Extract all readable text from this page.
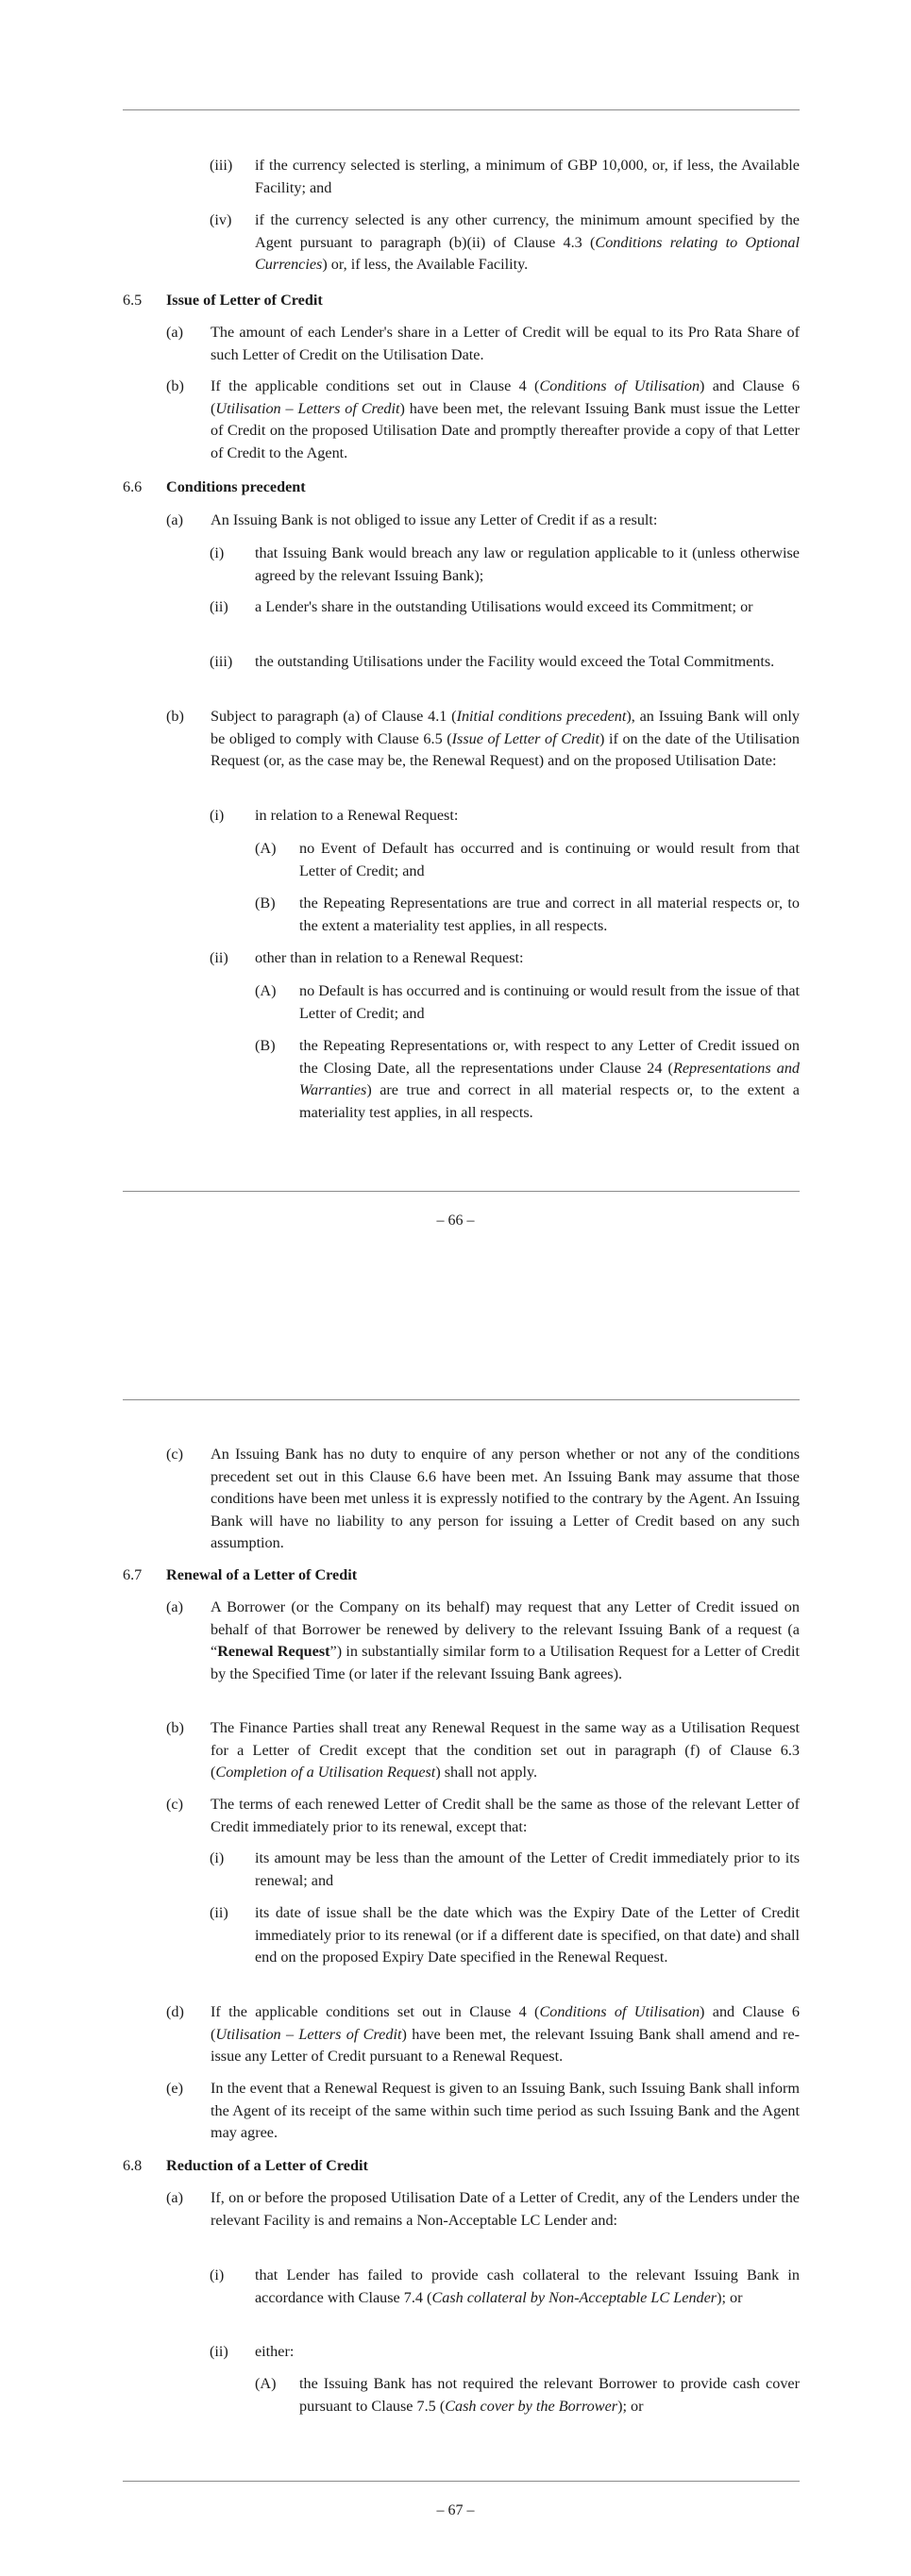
(iii) if the currency selected is sterling, a minimum of GBP 10,000, or, if less, the Available Facility; and

(iv) if the currency selected is any other currency, the minimum amount specified by the Agent pursuant to paragraph (b)(ii) of Clause 4.3 (Conditions relating to Optional Currencies) or, if less, the Available Facility.

6.5 Issue of Letter of Credit

(a) The amount of each Lender's share in a Letter of Credit will be equal to its Pro Rata Share of such Letter of Credit on the Utilisation Date.

(b) If the applicable conditions set out in Clause 4 (Conditions of Utilisation) and Clause 6 (Utilisation – Letters of Credit) have been met, the relevant Issuing Bank must issue the Letter of Credit on the proposed Utilisation Date and promptly thereafter provide a copy of that Letter of Credit to the Agent.

6.6 Conditions precedent

(a) An Issuing Bank is not obliged to issue any Letter of Credit if as a result:

(i) that Issuing Bank would breach any law or regulation applicable to it (unless otherwise agreed by the relevant Issuing Bank);

(ii) a Lender's share in the outstanding Utilisations would exceed its Commitment; or

(iii) the outstanding Utilisations under the Facility would exceed the Total Commitments.

(b) Subject to paragraph (a) of Clause 4.1 (Initial conditions precedent), an Issuing Bank will only be obliged to comply with Clause 6.5 (Issue of Letter of Credit) if on the date of the Utilisation Request (or, as the case may be, the Renewal Request) and on the proposed Utilisation Date:

(i) in relation to a Renewal Request:

(A) no Event of Default has occurred and is continuing or would result from that Letter of Credit; and

(B) the Repeating Representations are true and correct in all material respects or, to the extent a materiality test applies, in all respects.

(ii) other than in relation to a Renewal Request:

(A) no Default is has occurred and is continuing or would result from the issue of that Letter of Credit; and

(B) the Repeating Representations or, with respect to any Letter of Credit issued on the Closing Date, all the representations under Clause 24 (Representations and Warranties) are true and correct in all material respects or, to the extent a materiality test applies, in all respects.

– 66 –
(c) An Issuing Bank has no duty to enquire of any person whether or not any of the conditions precedent set out in this Clause 6.6 have been met. An Issuing Bank may assume that those conditions have been met unless it is expressly notified to the contrary by the Agent. An Issuing Bank will have no liability to any person for issuing a Letter of Credit based on any such assumption.

6.7 Renewal of a Letter of Credit

(a) A Borrower (or the Company on its behalf) may request that any Letter of Credit issued on behalf of that Borrower be renewed by delivery to the relevant Issuing Bank of a request (a “Renewal Request”) in substantially similar form to a Utilisation Request for a Letter of Credit by the Specified Time (or later if the relevant Issuing Bank agrees).

(b) The Finance Parties shall treat any Renewal Request in the same way as a Utilisation Request for a Letter of Credit except that the condition set out in paragraph (f) of Clause 6.3 (Completion of a Utilisation Request) shall not apply.

(c) The terms of each renewed Letter of Credit shall be the same as those of the relevant Letter of Credit immediately prior to its renewal, except that:

(i) its amount may be less than the amount of the Letter of Credit immediately prior to its renewal; and

(ii) its date of issue shall be the date which was the Expiry Date of the Letter of Credit immediately prior to its renewal (or if a different date is specified, on that date) and shall end on the proposed Expiry Date specified in the Renewal Request.

(d) If the applicable conditions set out in Clause 4 (Conditions of Utilisation) and Clause 6 (Utilisation – Letters of Credit) have been met, the relevant Issuing Bank shall amend and re-issue any Letter of Credit pursuant to a Renewal Request.

(e) In the event that a Renewal Request is given to an Issuing Bank, such Issuing Bank shall inform the Agent of its receipt of the same within such time period as such Issuing Bank and the Agent may agree.

6.8 Reduction of a Letter of Credit

(a) If, on or before the proposed Utilisation Date of a Letter of Credit, any of the Lenders under the relevant Facility is and remains a Non-Acceptable LC Lender and:

(i) that Lender has failed to provide cash collateral to the relevant Issuing Bank in accordance with Clause 7.4 (Cash collateral by Non-Acceptable LC Lender); or

(ii) either:

(A) the Issuing Bank has not required the relevant Borrower to provide cash cover pursuant to Clause 7.5 (Cash cover by the Borrower); or

– 67 –
